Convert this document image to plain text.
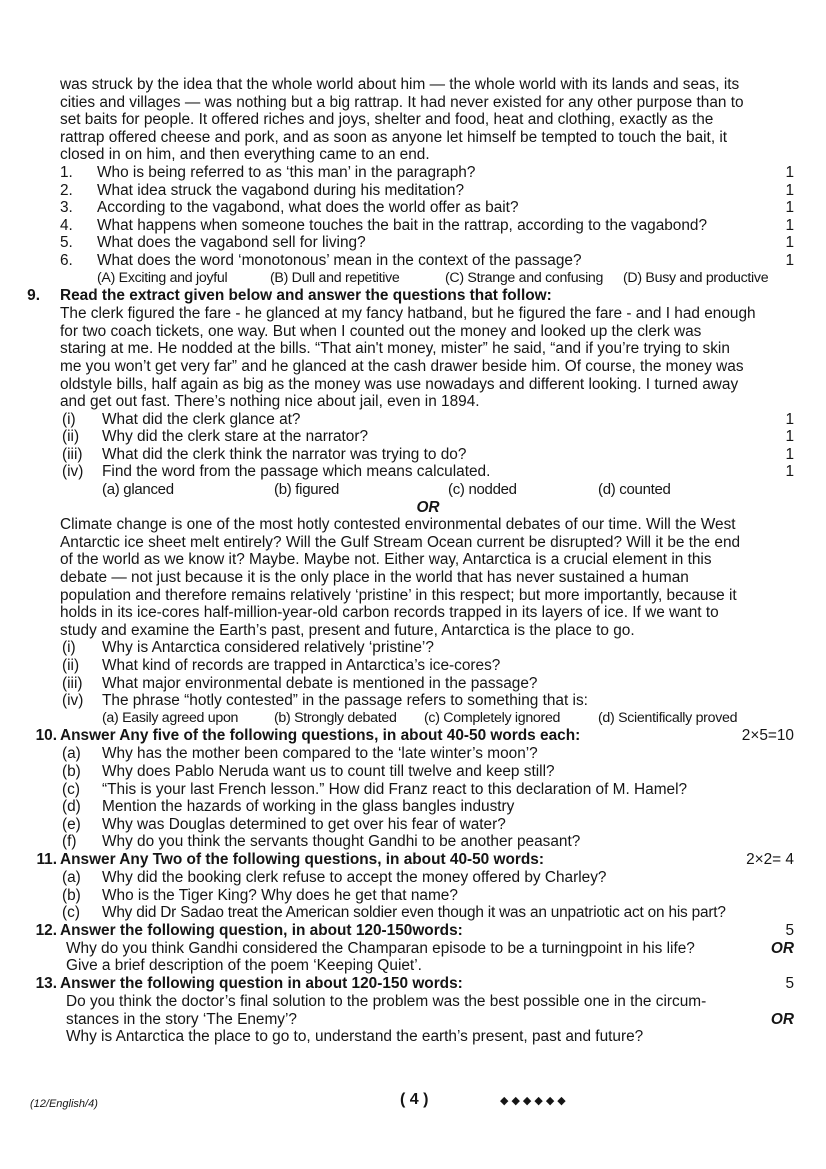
was struck by the idea that the whole world about him — the whole world with its lands and seas, its

cities and villages — was nothing but a big rattrap. It had never existed for any other purpose than to

set baits for people. It offered riches and joys, shelter and food, heat and clothing, exactly as the

rattrap offered cheese and pork, and as soon as anyone let himself be tempted to touch the bait, it

closed in on him, and then everything came to an end.

1.	Who is being referred to as ‘this man’ in the paragraph?	1
2.	What idea struck the vagabond during his meditation?	1
3.	According to the vagabond, what does the world offer as bait?	1
4.	What happens when someone touches the bait in the rattrap, according to the vagabond?	1
5.	What does the vagabond sell for living?	1
6.	What does the word ‘monotonous’ mean in the context of the passage?	1
(A) Exciting and joyful	(B) Dull and repetitive	(C) Strange and confusing	(D) Busy and productive
9. Read the extract given below and answer the questions that follow:

The clerk figured the fare - he glanced at my fancy hatband, but he figured the fare - and I had enough

for two coach tickets, one way. But when I counted out the money and looked up the clerk was

staring at me. He nodded at the bills. “That ain't money, mister” he said, “and if you’re trying to skin

me you won’t get very far” and he glanced at the cash drawer beside him. Of course, the money was

oldstyle bills, half again as big as the money was use nowadays and different looking. I turned away

and get out fast. There’s nothing nice about jail, even in 1894.

(i)	What did the clerk glance at?	1
(ii)	Why did the clerk stare at the narrator?	1
(iii)	What did the clerk think the narrator was trying to do?	1
(iv)	Find the word from the passage which means calculated.	1
(a) glanced	(b) figured	(c) nodded	(d) counted
OR

Climate change is one of the most hotly contested environmental debates of our time. Will the West

Antarctic ice sheet melt entirely? Will the Gulf Stream Ocean current be disrupted? Will it be the end

of the world as we know it? Maybe. Maybe not. Either way, Antarctica is a crucial element in this

debate — not just because it is the only place in the world that has never sustained a human

population and therefore remains relatively ‘pristine’ in this respect; but more importantly, because it

holds in its ice-cores half-million-year-old carbon records trapped in its layers of ice. If we want to

study and examine the Earth’s past, present and future, Antarctica is the place to go.

(i)	Why is Antarctica considered relatively ‘pristine’?
(ii)	What kind of records are trapped in Antarctica’s ice-cores?
(iii)	What major environmental debate is mentioned in the passage?
(iv)	The phrase “hotly contested” in the passage refers to something that is:
(a) Easily agreed upon	(b) Strongly debated	(c) Completely ignored	(d) Scientifically proved
10. Answer Any five of the following questions, in about 40-50 words each:	2×5=10
(a)	Why has the mother been compared to the ‘late winter’s moon’?
(b)	Why does Pablo Neruda want us to count till twelve and keep still?
(c)	“This is your last French lesson.” How did Franz react to this declaration of M. Hamel?
(d)	Mention the hazards of working in the glass bangles industry
(e)	Why was Douglas determined to get over his fear of water?
(f)	Why do you think the servants thought Gandhi to be another peasant?
11. Answer Any Two of the following questions, in about 40-50 words:	2×2= 4
(a)	Why did the booking clerk refuse to accept the money offered by Charley?
(b)	Who is the Tiger King? Why does he get that name?
(c)	Why did Dr Sadao treat the American soldier even though it was an unpatriotic act on his part?
12. Answer the following question, in about 120-150words:	5
Why do you think Gandhi considered the Champaran episode to be a turningpoint in his life?	OR
Give a brief description of the poem ‘Keeping Quiet’.
13. Answer the following question in about 120-150 words:	5
Do you think the doctor’s final solution to the problem was the best possible one in the circum-
stances in the story ‘The Enemy’?	OR
Why is Antarctica the place to go to, understand the earth’s present, past and future?
(12/English/4)	( 4 )	◆◆◆◆◆◆
